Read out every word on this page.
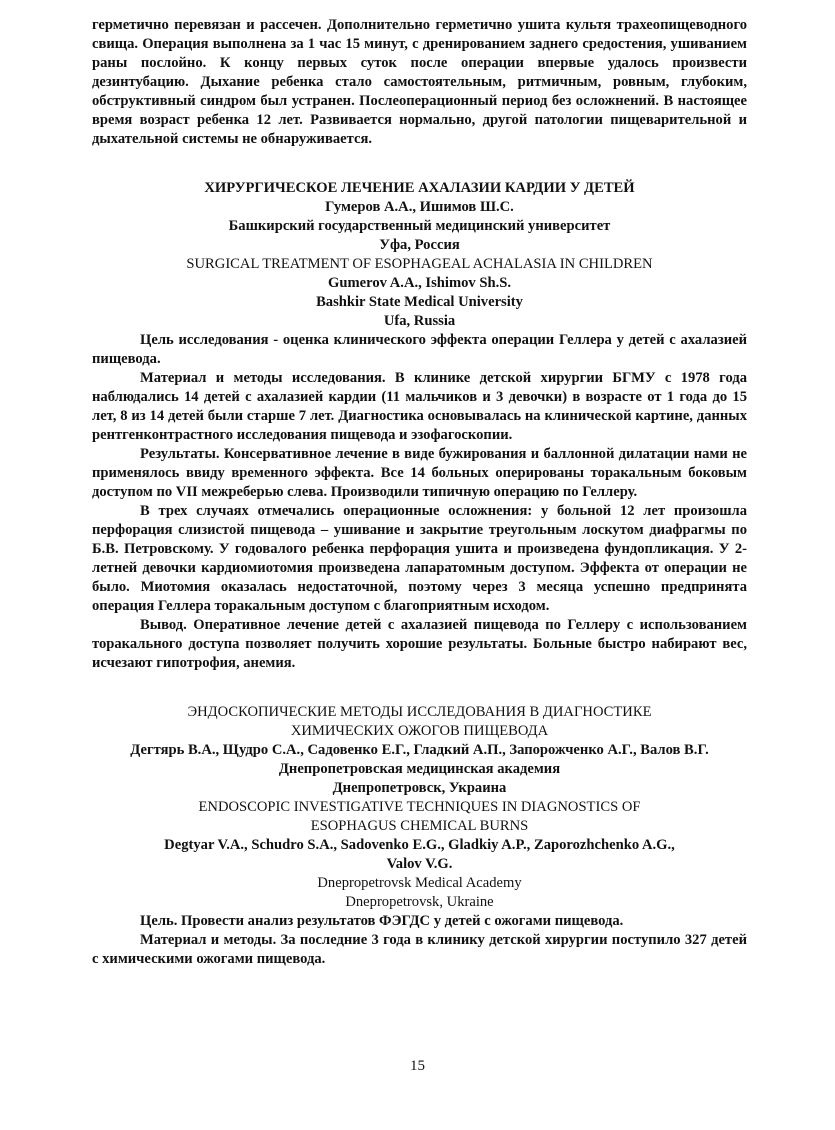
герметично перевязан и рассечен. Дополнительно герметично ушита культя трахеопищеводного свища. Операция выполнена за 1 час 15 минут, с дренированием заднего средостения, ушиванием раны послойно. К концу первых суток после операции впервые удалось произвести дезинтубацию. Дыхание ребенка стало самостоятельным, ритмичным, ровным, глубоким, обструктивный синдром был устранен. Послеоперационный период без осложнений. В настоящее время возраст ребенка 12 лет. Развивается нормально, другой патологии пищеварительной и дыхательной системы не обнаруживается.

ХИРУРГИЧЕСКОЕ ЛЕЧЕНИЕ АХАЛАЗИИ КАРДИИ У ДЕТЕЙ

Гумеров А.А., Ишимов Ш.С.

Башкирский государственный медицинский университет

Уфа, Россия

SURGICAL TREATMENT OF ESOPHAGEAL ACHALASIA IN CHILDREN

Gumerov A.A., Ishimov Sh.S.

Bashkir State Medical University

Ufa, Russia

Цель исследования - оценка клинического эффекта операции Геллера у детей с ахалазией пищевода.

Материал и методы исследования. В клинике детской хирургии БГМУ с 1978 года наблюдались 14 детей с ахалазией кардии (11 мальчиков и 3 девочки) в возрасте от 1 года до 15 лет, 8 из 14 детей были старше 7 лет. Диагностика основывалась на клинической картине, данных рентгенконтрастного исследования пищевода и эзофагоскопии.

Результаты. Консервативное лечение в виде бужирования и баллонной дилатации нами не применялось ввиду временного эффекта. Все 14 больных оперированы торакальным боковым доступом по VII межреберью слева. Производили типичную операцию по Геллеру.

В трех случаях отмечались операционные осложнения: у больной 12 лет произошла перфорация слизистой пищевода – ушивание и закрытие треугольным лоскутом диафрагмы по Б.В. Петровскому. У годовалого ребенка перфорация ушита и произведена фундопликация. У 2-летней девочки кардиомиотомия произведена лапаратомным доступом. Эффекта от операции не было. Миотомия оказалась недостаточной, поэтому через 3 месяца успешно предпринята операция Геллера торакальным доступом с благоприятным исходом.

Вывод. Оперативное лечение детей с ахалазией пищевода по Геллеру с использованием торакального доступа позволяет получить хорошие результаты. Больные быстро набирают вес, исчезают гипотрофия, анемия.

ЭНДОСКОПИЧЕСКИЕ МЕТОДЫ ИССЛЕДОВАНИЯ В ДИАГНОСТИКЕ

ХИМИЧЕСКИХ ОЖОГОВ ПИЩЕВОДА

Дегтярь В.А., Щудро С.А., Садовенко Е.Г., Гладкий А.П., Запорожченко А.Г., Валов В.Г.

Днепропетровская медицинская академия

Днепропетровск, Украина

ENDOSCOPIC INVESTIGATIVE TECHNIQUES IN DIAGNOSTICS OF

ESOPHAGUS CHEMICAL BURNS

Degtyar V.A., Schudro S.A., Sadovenko E.G., Gladkiy A.P., Zaporozhchenko A.G.,

Valov V.G.

Dnepropetrovsk Medical Academy

Dnepropetrovsk, Ukraine

Цель. Провести анализ результатов ФЭГДС у детей с ожогами пищевода.

Материал и методы. За последние 3 года в клинику детской хирургии поступило 327 детей с химическими ожогами пищевода.

15
